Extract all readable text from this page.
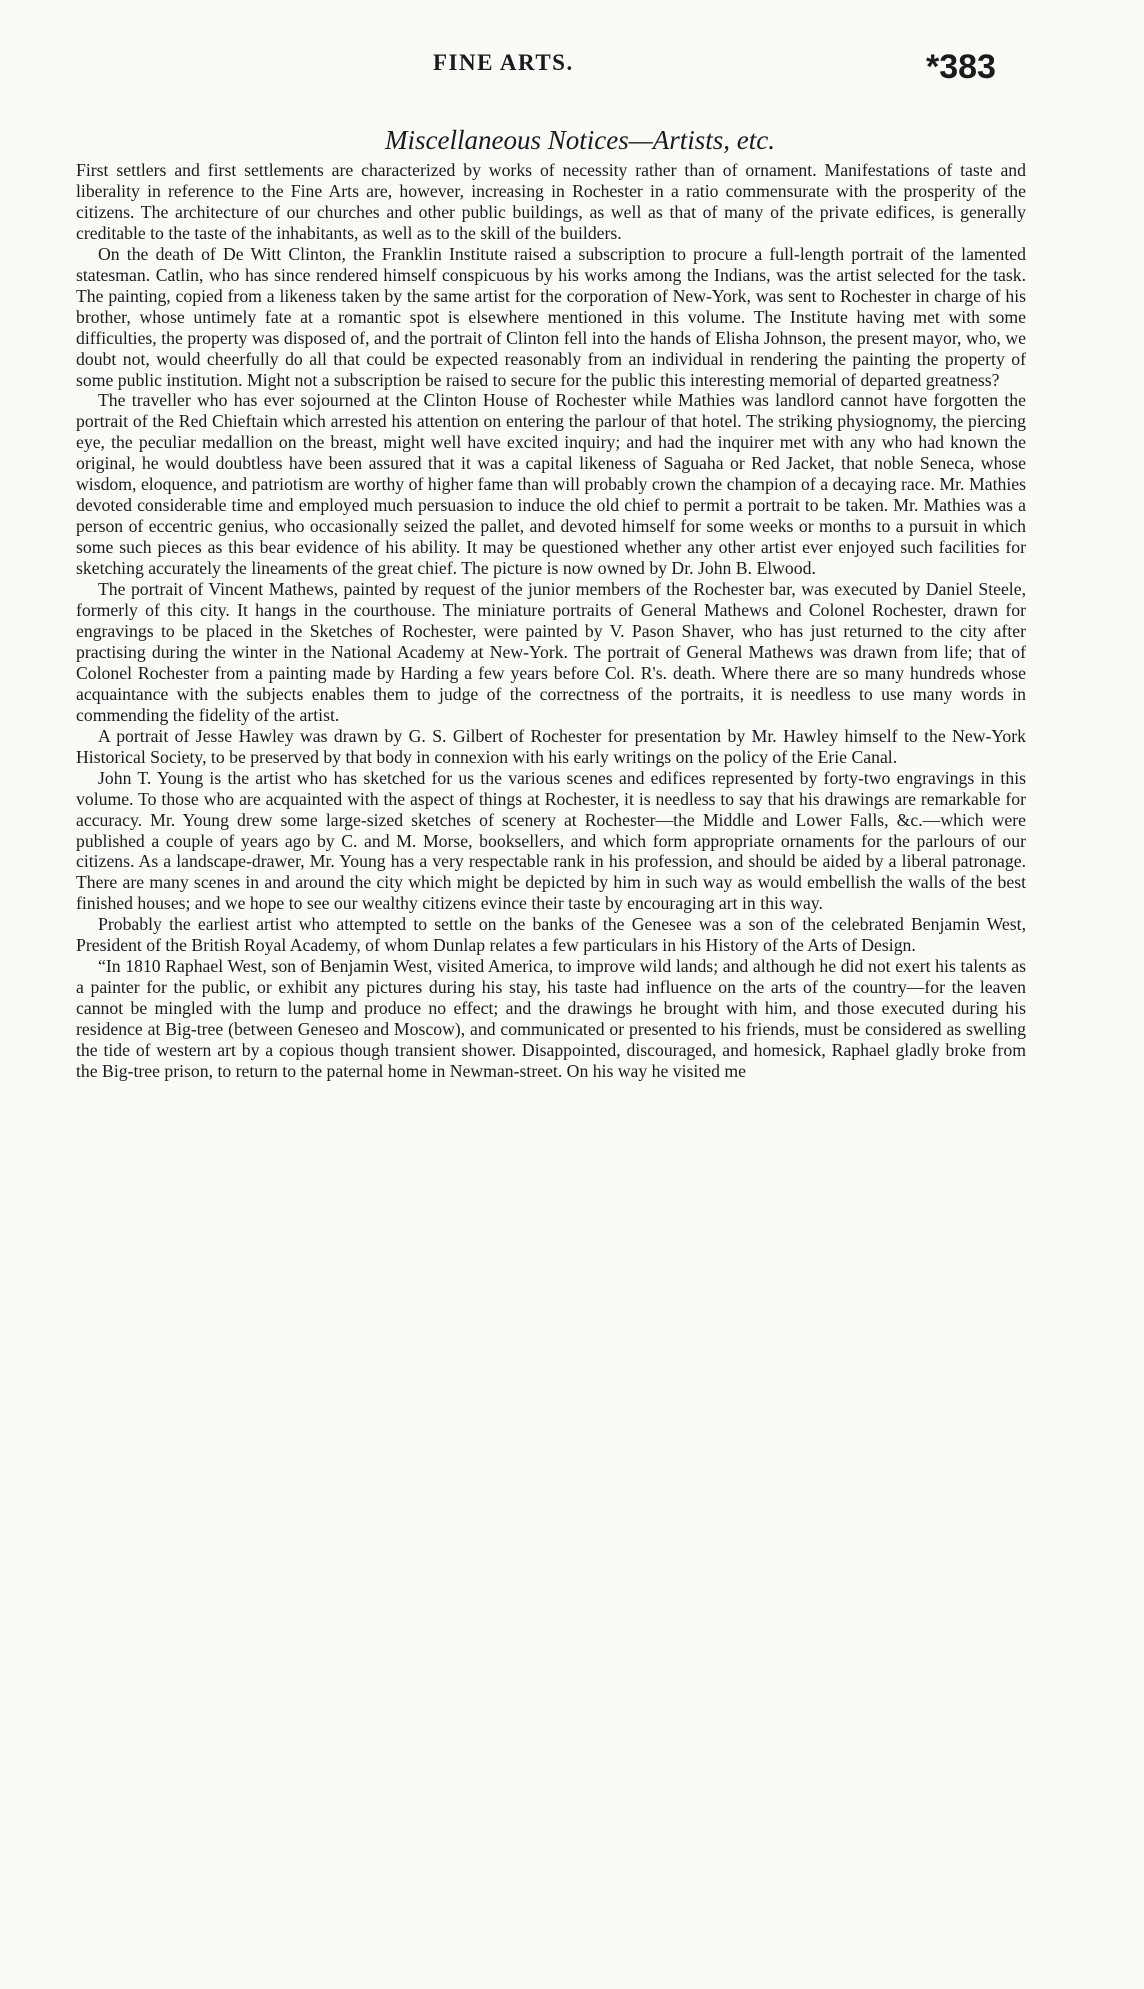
FINE ARTS.	*383
Miscellaneous Notices—Artists, etc.

First settlers and first settlements are characterized by works of necessity rather than of ornament. Manifestations of taste and liberality in reference to the Fine Arts are, however, increasing in Rochester in a ratio commensurate with the prosperity of the citizens. The architecture of our churches and other public buildings, as well as that of many of the private edifices, is generally creditable to the taste of the inhabitants, as well as to the skill of the builders.

On the death of De Witt Clinton, the Franklin Institute raised a subscription to procure a full-length portrait of the lamented statesman. Catlin, who has since rendered himself conspicuous by his works among the Indians, was the artist selected for the task. The painting, copied from a likeness taken by the same artist for the corporation of New-York, was sent to Rochester in charge of his brother, whose untimely fate at a romantic spot is elsewhere mentioned in this volume. The Institute having met with some difficulties, the property was disposed of, and the portrait of Clinton fell into the hands of Elisha Johnson, the present mayor, who, we doubt not, would cheerfully do all that could be expected reasonably from an individual in rendering the painting the property of some public institution. Might not a subscription be raised to secure for the public this interesting memorial of departed greatness?

The traveller who has ever sojourned at the Clinton House of Rochester while Mathies was landlord cannot have forgotten the portrait of the Red Chieftain which arrested his attention on entering the parlour of that hotel. The striking physiognomy, the piercing eye, the peculiar medallion on the breast, might well have excited inquiry; and had the inquirer met with any who had known the original, he would doubtless have been assured that it was a capital likeness of Saguaha or Red Jacket, that noble Seneca, whose wisdom, eloquence, and patriotism are worthy of higher fame than will probably crown the champion of a decaying race. Mr. Mathies devoted considerable time and employed much persuasion to induce the old chief to permit a portrait to be taken. Mr. Mathies was a person of eccentric genius, who occasionally seized the pallet, and devoted himself for some weeks or months to a pursuit in which some such pieces as this bear evidence of his ability. It may be questioned whether any other artist ever enjoyed such facilities for sketching accurately the lineaments of the great chief. The picture is now owned by Dr. John B. Elwood.

The portrait of Vincent Mathews, painted by request of the junior members of the Rochester bar, was executed by Daniel Steele, formerly of this city. It hangs in the courthouse. The miniature portraits of General Mathews and Colonel Rochester, drawn for engravings to be placed in the Sketches of Rochester, were painted by V. Pason Shaver, who has just returned to the city after practising during the winter in the National Academy at New-York. The portrait of General Mathews was drawn from life; that of Colonel Rochester from a painting made by Harding a few years before Col. R's. death. Where there are so many hundreds whose acquaintance with the subjects enables them to judge of the correctness of the portraits, it is needless to use many words in commending the fidelity of the artist.

A portrait of Jesse Hawley was drawn by G. S. Gilbert of Rochester for presentation by Mr. Hawley himself to the New-York Historical Society, to be preserved by that body in connexion with his early writings on the policy of the Erie Canal.

John T. Young is the artist who has sketched for us the various scenes and edifices represented by forty-two engravings in this volume. To those who are acquainted with the aspect of things at Rochester, it is needless to say that his drawings are remarkable for accuracy. Mr. Young drew some large-sized sketches of scenery at Rochester—the Middle and Lower Falls, &c.—which were published a couple of years ago by C. and M. Morse, booksellers, and which form appropriate ornaments for the parlours of our citizens. As a landscape-drawer, Mr. Young has a very respectable rank in his profession, and should be aided by a liberal patronage. There are many scenes in and around the city which might be depicted by him in such way as would embellish the walls of the best finished houses; and we hope to see our wealthy citizens evince their taste by encouraging art in this way.

Probably the earliest artist who attempted to settle on the banks of the Genesee was a son of the celebrated Benjamin West, President of the British Royal Academy, of whom Dunlap relates a few particulars in his History of the Arts of Design.

“In 1810 Raphael West, son of Benjamin West, visited America, to improve wild lands; and although he did not exert his talents as a painter for the public, or exhibit any pictures during his stay, his taste had influence on the arts of the country—for the leaven cannot be mingled with the lump and produce no effect; and the drawings he brought with him, and those executed during his residence at Big-tree (between Geneseo and Moscow), and communicated or presented to his friends, must be considered as swelling the tide of western art by a copious though transient shower. Disappointed, discouraged, and homesick, Raphael gladly broke from the Big-tree prison, to return to the paternal home in Newman-street. On his way he visited me
